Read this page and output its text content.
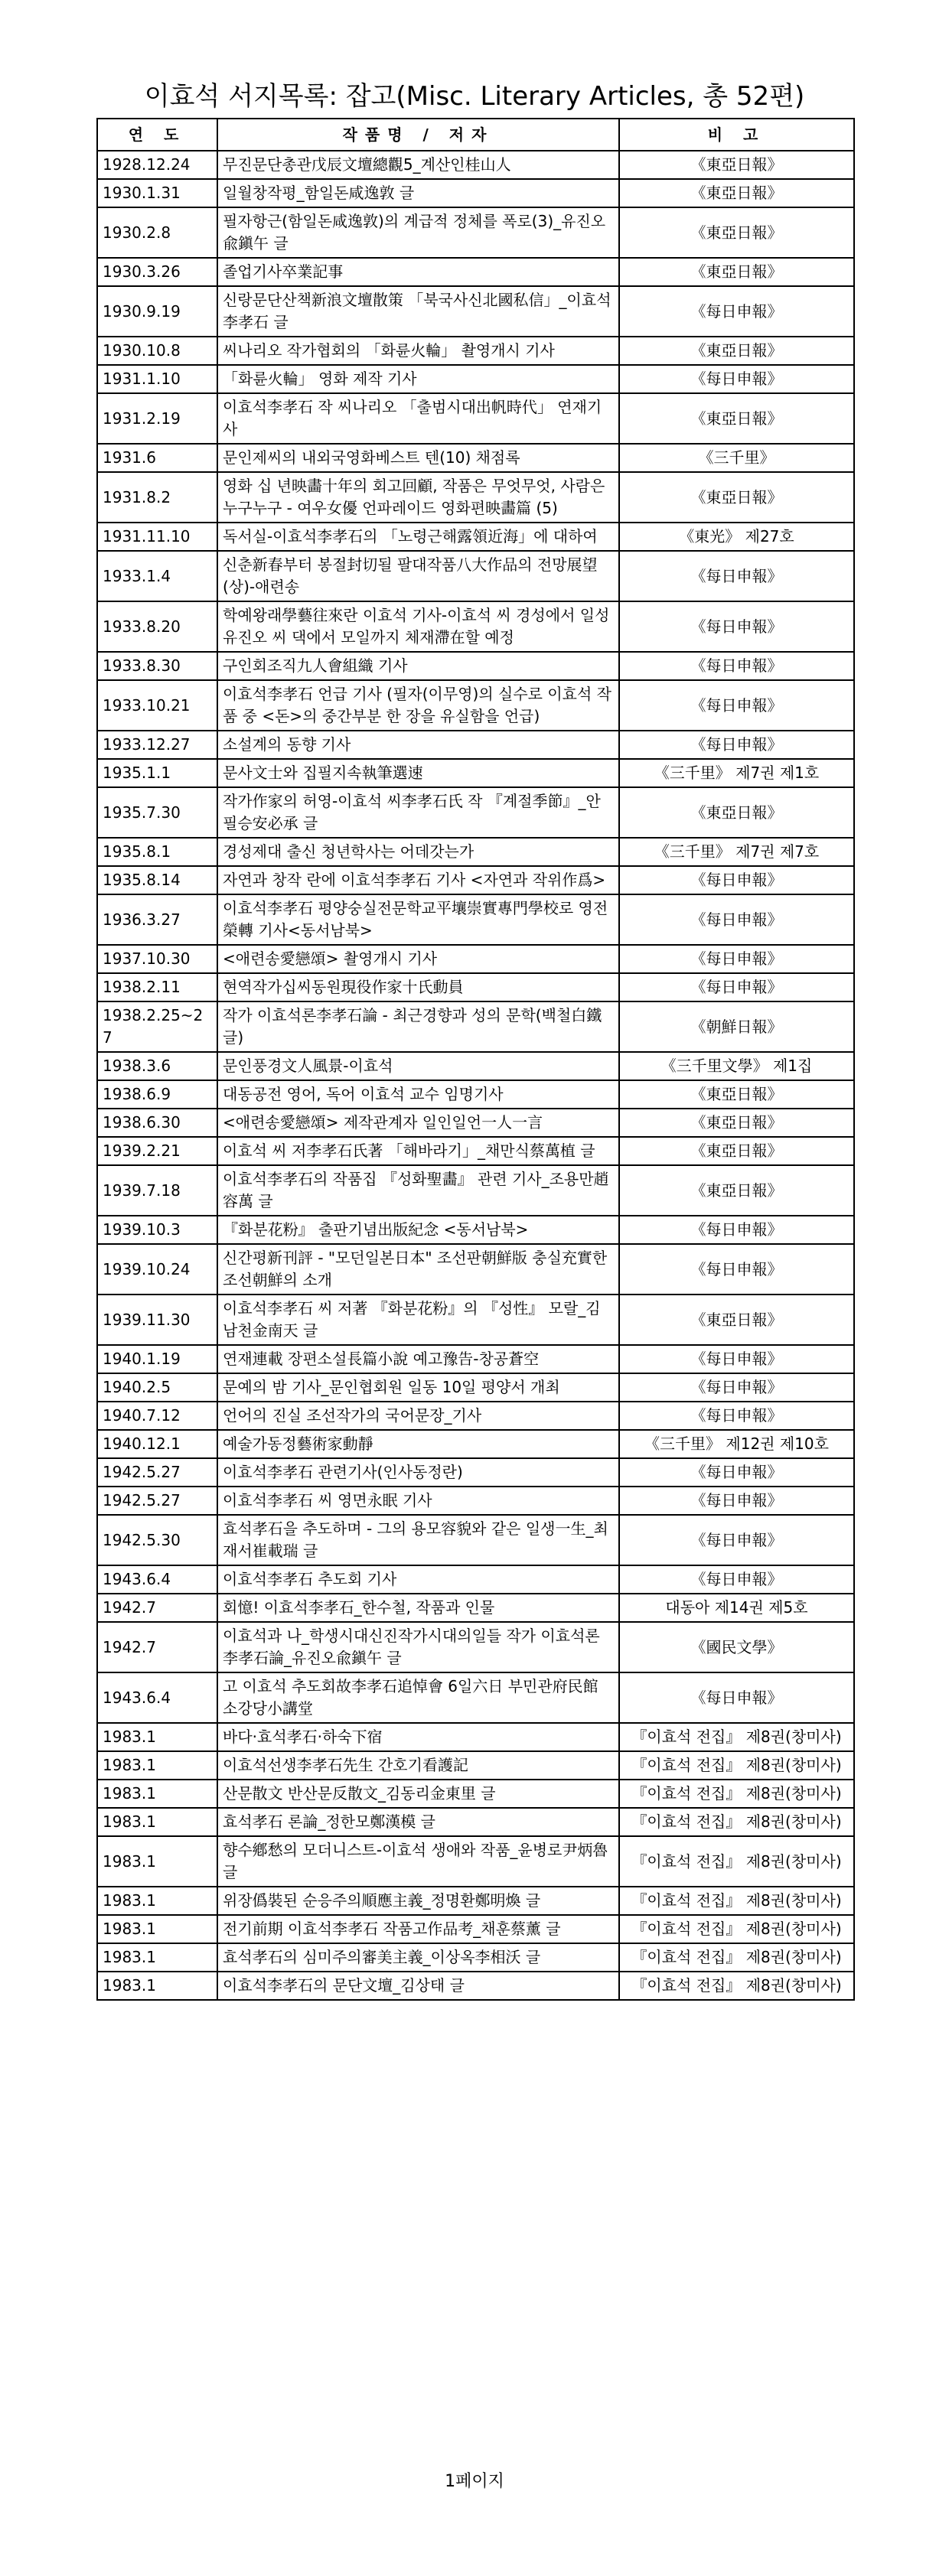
이효석 서지목록: 잡고(Misc. Literary Articles, 총 52편)
연 도	작품명 / 저자	비 고
1928.12.24	무진문단총관戊辰文壇總觀5_계산인桂山人	《東亞日報》
1930.1.31	일월창작평_함일돈咸逸敦 글	《東亞日報》
1930.2.8	필자항근(함일돈咸逸敦)의 계급적 정체를 폭로(3)_유진오兪鎭午 글	《東亞日報》
1930.3.26	졸업기사卒業記事	《東亞日報》
1930.9.19	신랑문단산책新浪文壇散策 「북국사신北國私信」_이효석李孝石 글	《每日申報》
1930.10.8	씨나리오 작가협회의 「화륜火輪」 촬영개시 기사	《東亞日報》
1931.1.10	「화륜火輪」 영화 제작 기사	《每日申報》
1931.2.19	이효석李孝石 작 씨나리오 「출범시대出帆時代」 연재기사	《東亞日報》
1931.6	문인제씨의 내외국영화베스트 텐(10) 채점록	《三千里》
1931.8.2	영화 십 년映畵十年의 회고回顧, 작품은 무엇무엇, 사람은 누구누구 - 여우女優 언파레이드 영화편映畵篇 (5)	《東亞日報》
1931.11.10	독서실-이효석李孝石의 「노령근해露領近海」에 대하여	《東光》 제27호
1933.1.4	신춘新春부터 봉절封切될 팔대작품八大作品의 전망展望(상)-애련송	《每日申報》
1933.8.20	학예왕래學藝往來란 이효석 기사-이효석 씨 경성에서 일성 유진오 씨 댁에서 모일까지 체재滯在할 예정	《每日申報》
1933.8.30	구인회조직九人會組織 기사	《每日申報》
1933.10.21	이효석李孝石 언급 기사 (필자(이무영)의 실수로 이효석 작품 중 <돈>의 중간부분 한 장을 유실함을 언급)	《每日申報》
1933.12.27	소설계의 동향 기사	《每日申報》
1935.1.1	문사文士와 집필지속執筆選速	《三千里》 제7권 제1호
1935.7.30	작가作家의 허영-이효석 씨李孝石氏 작 『계절季節』_안필승安必承 글	《東亞日報》
1935.8.1	경성제대 출신 청년학사는 어데갓는가	《三千里》 제7권 제7호
1935.8.14	자연과 창작 란에 이효석李孝石 기사 <자연과 작위作爲>	《每日申報》
1936.3.27	이효석李孝石 평양숭실전문학교平壤崇實專門學校로 영전榮轉 기사<동서남북>	《每日申報》
1937.10.30	<애련송愛戀頌> 촬영개시 기사	《每日申報》
1938.2.11	현역작가십씨동원現役作家十氏動員	《每日申報》
1938.2.25~27	작가 이효석론李孝石論 - 최근경향과 성의 문학(백철白鐵 글)	《朝鮮日報》
1938.3.6	문인풍경文人風景-이효석	《三千里文學》 제1집
1938.6.9	대동공전 영어, 독어 이효석 교수 임명기사	《東亞日報》
1938.6.30	<애련송愛戀頌> 제작관계자 일인일언一人一言	《東亞日報》
1939.2.21	이효석 씨 저李孝石氏著 「해바라기」_채만식蔡萬植 글	《東亞日報》
1939.7.18	이효석李孝石의 작품집 『성화聖畵』 관련 기사_조용만趙容萬 글	《東亞日報》
1939.10.3	『화분花粉』 출판기념出版紀念 <동서남북>	《每日申報》
1939.10.24	신간평新刊評 - "모던일본日本" 조선판朝鮮版 충실充實한 조선朝鮮의 소개	《每日申報》
1939.11.30	이효석李孝石 씨 저著 『화분花粉』의 『성性』 모랄_김남천金南天 글	《東亞日報》
1940.1.19	연재連載 장편소설長篇小說 예고豫告-창공蒼空	《每日申報》
1940.2.5	문예의 밤 기사_문인협회원 일동 10일 평양서 개최	《每日申報》
1940.7.12	언어의 진실 조선작가의 국어문장_기사	《每日申報》
1940.12.1	예술가동정藝術家動靜	《三千里》 제12권 제10호
1942.5.27	이효석李孝石 관련기사(인사동정란)	《每日申報》
1942.5.27	이효석李孝石 씨 영면永眠 기사	《每日申報》
1942.5.30	효석孝石을 추도하며 - 그의 용모容貌와 같은 일생一生_최재서崔載瑞 글	《每日申報》
1943.6.4	이효석李孝石 추도회 기사	《每日申報》
1942.7	회憶! 이효석李孝石_한수철, 작품과 인물	대동아 제14권 제5호
1942.7	이효석과 나_학생시대신진작가시대의일들 작가 이효석론李孝石論_유진오兪鎭午 글	《國民文學》
1943.6.4	고 이효석 추도회故李孝石追悼會 6일六日 부민관府民館 소강당小講堂	《每日申報》
1983.1	바다·효석孝石·하숙下宿	『이효석 전집』 제8권(창미사)
1983.1	이효석선생李孝石先生 간호기看護記	『이효석 전집』 제8권(창미사)
1983.1	산문散文 반산문反散文_김동리金東里 글	『이효석 전집』 제8권(창미사)
1983.1	효석孝石 론論_정한모鄭漢模 글	『이효석 전집』 제8권(창미사)
1983.1	향수鄕愁의 모더니스트-이효석 생애와 작품_윤병로尹炳魯 글	『이효석 전집』 제8권(창미사)
1983.1	위장僞裝된 순응주의順應主義_정명환鄭明煥 글	『이효석 전집』 제8권(창미사)
1983.1	전기前期 이효석李孝石 작품고作品考_채훈蔡薰 글	『이효석 전집』 제8권(창미사)
1983.1	효석孝石의 심미주의審美主義_이상옥李相沃 글	『이효석 전집』 제8권(창미사)
1983.1	이효석李孝石의 문단文壇_김상태 글	『이효석 전집』 제8권(창미사)
1페이지
